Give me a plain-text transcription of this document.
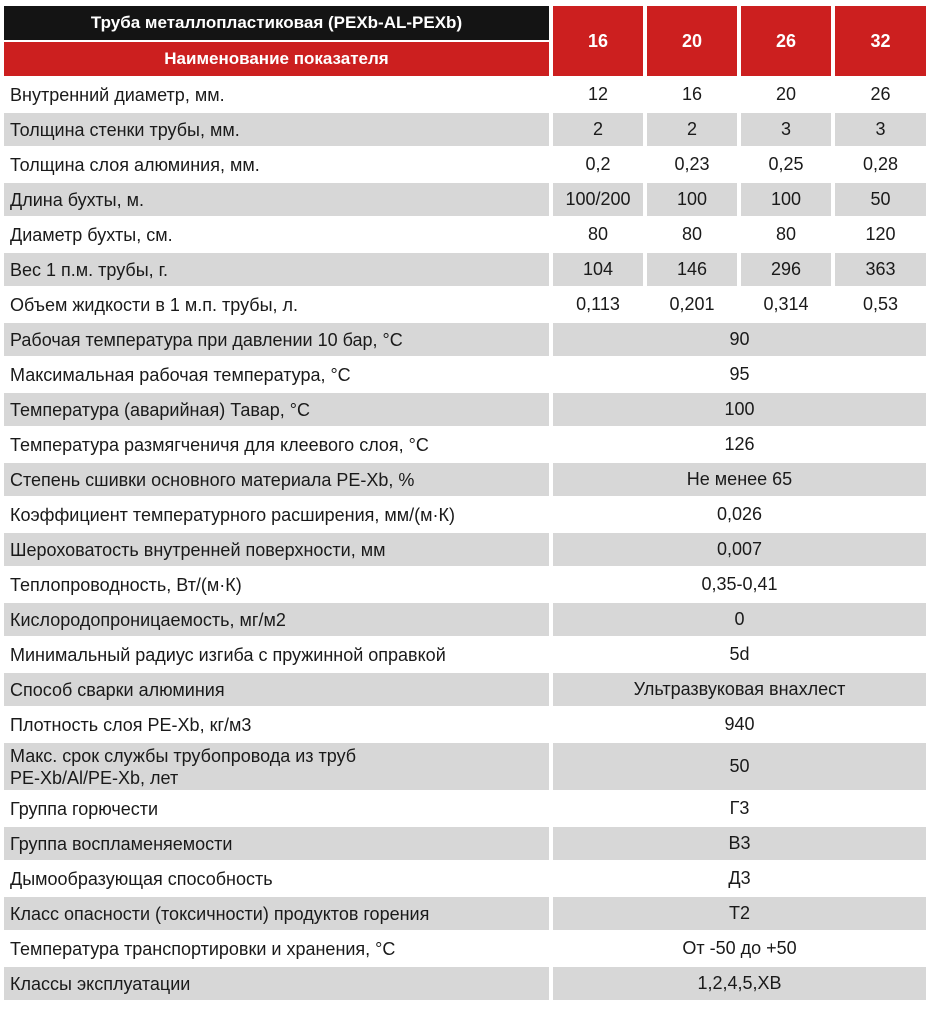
Труба металлопластиковая (PEXb-AL-PEXb)	16	20	26	32
Наименование показателя				
Внутренний диаметр, мм.	12	16	20	26
Толщина стенки трубы, мм.	2	2	3	3
Толщина слоя алюминия, мм.	0,2	0,23	0,25	0,28
Длина бухты, м.	100/200	100	100	50
Диаметр бухты, см.	80	80	80	120
Вес 1 п.м. трубы, г.	104	146	296	363
Объем жидкости в 1 м.п. трубы, л.	0,113	0,201	0,314	0,53
Рабочая температура при давлении 10 бар, °C	90			
Максимальная рабочая температура, °C	95			
Температура (аварийная) Тавар, °C	100			
Температура размягченичя для клеевого слоя, °C	126			
Степень сшивки основного материала PE-Xb, %	Не менее 65			
Коэффициент температурного расширения, мм/(м·К)	0,026			
Шероховатость внутренней поверхности, мм	0,007			
Теплопроводность, Вт/(м·К)	0,35-0,41			
Кислородопроницаемость, мг/м2	0			
Минимальный радиус изгиба с пружинной оправкой	5d			
Способ сварки алюминия	Ультразвуковая внахлест			
Плотность слоя PE-Xb, кг/м3	940			
Макс. срок службы трубопровода из труб
PE-Xb/Al/PE-Xb, лет	50			
Группа горючести	Г3			
Группа воспламеняемости	В3			
Дымообразующая способность	Д3			
Класс опасности (токсичности) продуктов горения	Т2			
Температура транспортировки и хранения, °C	От -50 до +50			
Классы эксплуатации	1,2,4,5,ХВ			
